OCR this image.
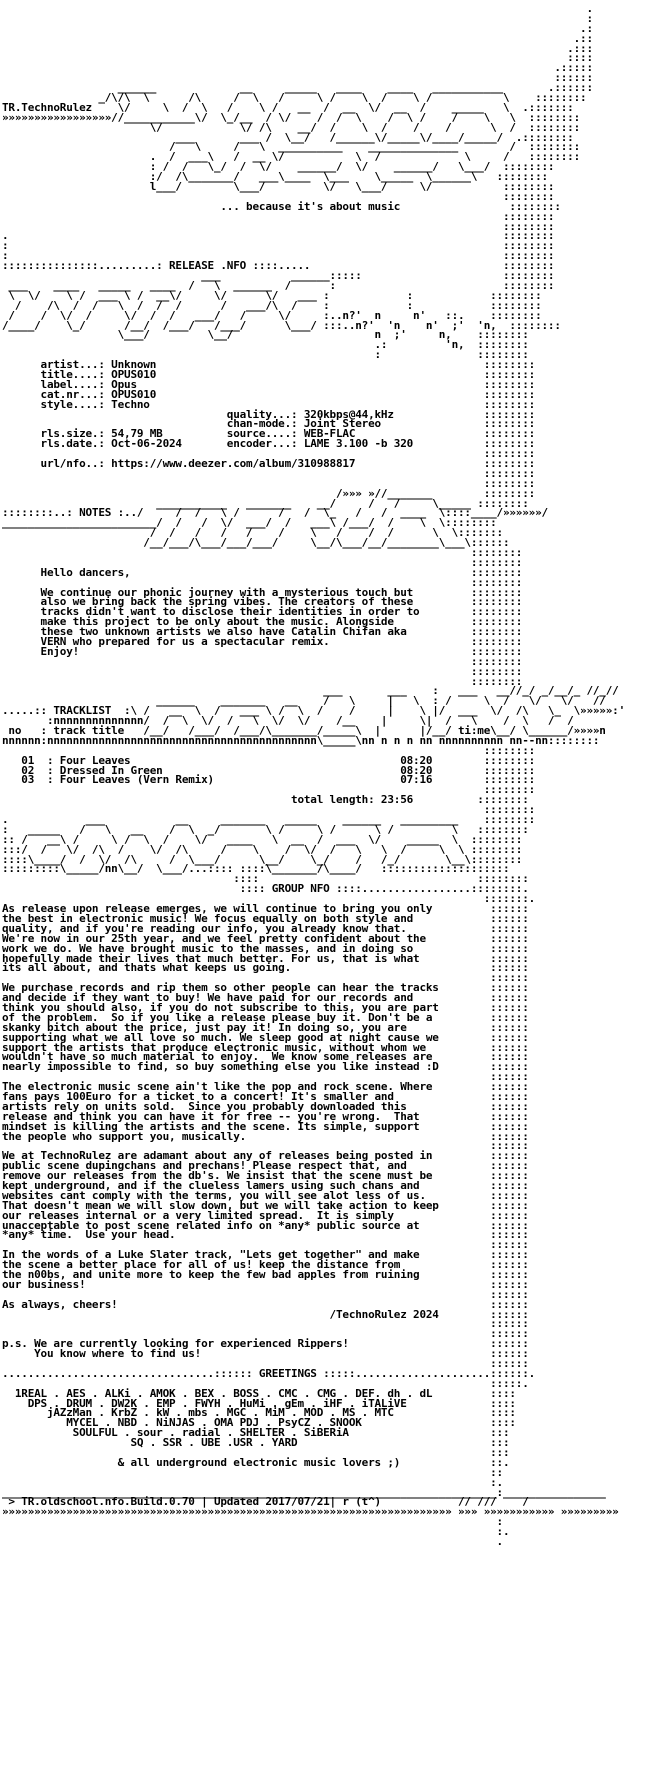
.
:
.:
.::
.:::
::::
.:::::
::::::
______             __     _____   ____    ____   ___________       .::::::
_/\/\  \      /\     /  \   /     \ /    \  /    \ /           \    ::::::::
TR.TechnoRulez    \/     \  /  \   /    \ /   __  /  __  \/  __  /    _____   \  .:::::::
»»»»»»»»»»»»»»»»»//___________\/  \_/__  / \/    /  /  \    /  \ /    /    \   \  ::::::::
\/            \/ /\    __/  /    \  /    /    /      \  /  ::::::::
___       ___ /  \__/   /______\/_____\/____/_____/  .::::::::
/   \     /   \  __________    ______________        /  ::::::::
.  /  ___\   /  __ \/           \  /             \     /   ::::::::
: /  /   \_/  /  \/    ______/  \/    ______/   \___/  ::::::::
:/  /\_______/   ___\____  \___    \_____  \______\   ::::::::
l___/        \___/         \/   \___/     \/           ::::::::
::::::::
... because it's about music                 ::::::::
::::::::
::::::::
.                                                                             ::::::::
:                                                                             ::::::::
:                                                                             ::::::::
:::::::::::::::.........: RELEASE .NFO ::::.....                              ::::::::
___           ______:::::                      ::::::::
___    ____   _____   ____  /   \  ______  /      :                          ::::::::
\  \/    \ /  ___ \ /  __\/     \/      \/   ___ :            :            ::::::::
/    /\  /  /   \  /  /  /      /   ___/\  /    :            :            ::::::::
/    /  \/  /     \/  /  /   ___/   /     \/     :..n?'  n     n'   ::.    ::::::::
/____/    \_/      /__/  /___/   /___/      \___/ :::..n?'  'n    n'  ;'  'n,  ::::::::
\___/         \__/                      n  ;'     n,    ::::::::
.:         'n,  ::::::::
:               ::::::::
artist...: Unknown                                                   ::::::::
title....: OPUS010                                                   ::::::::
label....: Opus                                                      ::::::::
cat.nr...: OPUS010                                                   ::::::::
style....: Techno                                                    ::::::::
quality...: 320kbps@44,kHz              ::::::::
chan-mode.: Joint Stereo                ::::::::
rls.size.: 54,79 MB          source....: WEB-FLAC                    ::::::::
rls.date.: Oct-06-2024       encoder...: LAME 3.100 -b 320           ::::::::
::::::::
url/nfo..: https://www.deezer.com/album/310988817                    ::::::::
::::::::
::::::::
/»»» »//_______        ::::::::
___________   _______    __/     /   /     \_____ ::::::::
::::::::..: NOTES :../     /  /   \ /      /   /  \_   /   /  ____  \::::____/»»»»»»/
________________________/  /   /  \/  ___/  /   ___\ /___/  /    \  \::::::::
/  /   /   /   /    /    \   /    /  /      \  \:::::::
/__/___/\___/___/___/     \__/\___/__/________\___\::::::
::::::::
::::::::
Hello dancers,                                                     ::::::::
::::::::
We continue our phonic journey with a mysterious touch but         ::::::::
also we bring back the spring vibes. The creators of these         ::::::::
tracks didn't want to disclose their identities in order to        ::::::::
make this project to be only about the music. Alongside            ::::::::
these two unknown artists we also have Catalin Chifan aka          ::::::::
VERN who prepared for us a spectacular remix.                      ::::::::
Enjoy!                                                             ::::::::
::::::::
::::::::
::::::::
___       ___    :   ___   __//_/ _/__/_ //_//
______    _______   __    /   \     |   \  : /     \  /   \/   \/   //
.....:: TRACKLIST  :\ /   __  \  /   ___ \ /  \  /    /     |    \ |/  ___  \/  /\   \_  \»»»»»:'
:nnnnnnnnnnnnnn/  /  \  \/  /   \  \/  \/    /__    |     \|  /   \    /  \   /  /
no   : track title   /__/   /___/  /___/\_______/_____\  |      |/__/ ti:me\__/ \______/»»»»n
nnnnnn:nnnnnnnnnnnnnnnnnnnnnnnnnnnnnnnnnnnnnnnnnn\_____\nn n n n nn nnnnnnnnnn nn--nn::::::::
::::::::
01  : Four Leaves                                          08:20        ::::::::
02  : Dressed In Green                                     08:20        ::::::::
03  : Four Leaves (Vern Remix)                             07:16        ::::::::
::::::::
total length: 23:56          ::::::::
::::::::
.            ___           __     _______   _____    ______   _________    ::::::::
:   _____   /   \   __    /  \  _/       \ /     \ /      \ /         \   ::::::::
:: /   __\ /     \ /  \  /    \/   ____   \  __  /  ___  \/    _____  \  ::::::::
:::/  /   \/  /\  /    \/  /\     /    \    /  \/  /   \   \  /     \  \ ::::::::
::::\____/  /  \/  /\     /  \___/      \__/    \_/    /   /_/       \__\::::::::
:::::::::\_____/nn\__/  \___/...:::: ::::\_______/\____/   ::::::::::::::::::::
::::                                  ::::::::
:::: GROUP NFO ::::.................::::::::.
:::::::.
As release upon release emerges, we will continue to bring you only         ::::::
the best in electronic music! We focus equally on both style and            ::::::
quality, and if you're reading our info, you already know that.             ::::::
We're now in our 25th year, and we feel pretty confident about the          ::::::
work we do. We have brought music to the masses, and in doing so            ::::::
hopefully made their lives that much better. For us, that is what           ::::::
its all about, and thats what keeps us going.                               ::::::
::::::
We purchase records and rip them so other people can hear the tracks        ::::::
and decide if they want to buy! We have paid for our records and            ::::::
think you should also, if you do not subscribe to this, you are part        ::::::
of the problem.  So if you like a release please buy it. Don't be a         ::::::
skanky bitch about the price, just pay it! In doing so, you are             ::::::
supporting what we all love so much. We sleep good at night cause we        ::::::
support the artists that produce electronic music, without whom we          ::::::
wouldn't have so much material to enjoy.  We know some releases are         ::::::
nearly impossible to find, so buy something else you like instead :D        ::::::
::::::
The electronic music scene ain't like the pop and rock scene. Where         ::::::
fans pays 100Euro for a ticket to a concert! It's smaller and               ::::::
artists rely on units sold.  Since you probably downloaded this             ::::::
release and think you can have it for free -- you're wrong.  That           ::::::
mindset is killing the artists and the scene. Its simple, support           ::::::
the people who support you, musically.                                      ::::::
::::::
We at TechnoRulez are adamant about any of releases being posted in         ::::::
public scene dupingchans and prechans! Please respect that, and             ::::::
remove our releases from the db's. We insist that the scene must be         ::::::
kept underground, and if the clueless lamers using such chans and           ::::::
websites cant comply with the terms, you will see alot less of us.          ::::::
That doesn't mean we will slow down, but we will take action to keep        ::::::
our releases internal or a very limited spread.  It is simply               ::::::
unacceptable to post scene related info on *any* public source at           ::::::
*any* time.  Use your head.                                                 ::::::
::::::
In the words of a Luke Slater track, "Lets get together" and make           ::::::
the scene a better place for all of us! keep the distance from              ::::::
the n00bs, and unite more to keep the few bad apples from ruining           ::::::
our business!                                                               ::::::
::::::
As always, cheers!                                                          ::::::
/TechnoRulez 2024        ::::::
::::::
::::::
p.s. We are currently looking for experienced Rippers!                      ::::::
You know where to find us!                                             ::::::
::::::
.................................:::::: GREETINGS :::::.....................::::::.
:::::.
1REAL . AES . ALKi . AMOK . BEX . BOSS . CMC . CMG . DEF. dh . dL         ::::
DPS . DRUM . DW2K . EMP . FWYH . HuMi . gEm . iHF . iTALiVE             ::::
jAZzMan . KrbZ . kW . mbs . MGC . MiM . MOD . MS . MTC               ::::
MYCEL . NBD . NiNJAS . OMA PDJ . PsyCZ . SNOOK                    ::::
SOULFUL . sour . radial . SHELTER . SiBERiA                      :::
SQ . SSR . UBE .USR . YARD                              :::
:::
& all underground electronic music lovers ;)              ::.
::
:.
_____________________________________________________________________________:________________
> TR.oldschool.nfo.Build.0.70 | Updated 2017/07/21| r (t^)            // ///    /
»»»»»»»»»»»»»»»»»»»»»»»»»»»»»»»»»»»»»»»»»»»»»»»»»»»»»»»»»»»»»»»»»»»»»» »»» »»»»»»»»»»» »»»»»»»»»
:
:.
.
